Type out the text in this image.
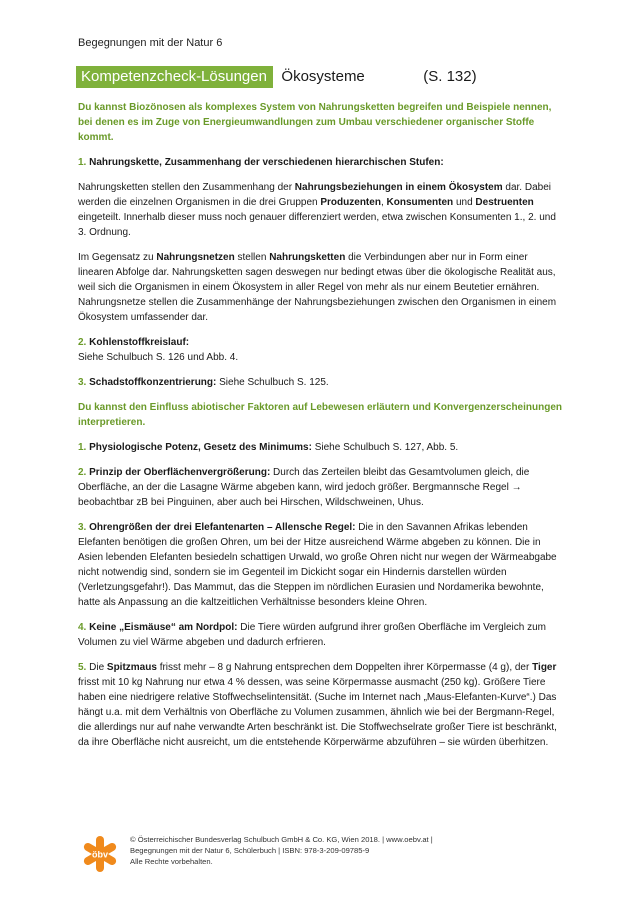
Begegnungen mit der Natur 6
Kompetenzcheck-Lösungen Ökosysteme	(S. 132)

Du kannst Biozönosen als komplexes System von Nahrungsketten begreifen und Beispiele nennen, bei denen es im Zuge von Energieumwandlungen zum Umbau verschiedener organischer Stoffe kommt.

1. Nahrungskette, Zusammenhang der verschiedenen hierarchischen Stufen:

Nahrungsketten stellen den Zusammenhang der Nahrungsbeziehungen in einem Ökosystem dar. Dabei werden die einzelnen Organismen in die drei Gruppen Produzenten, Konsumenten und Destruenten eingeteilt. Innerhalb dieser muss noch genauer differenziert werden, etwa zwischen Konsumenten 1., 2. und 3. Ordnung.

Im Gegensatz zu Nahrungsnetzen stellen Nahrungsketten die Verbindungen aber nur in Form einer linearen Abfolge dar. Nahrungsketten sagen deswegen nur bedingt etwas über die ökologische Realität aus, weil sich die Organismen in einem Ökosystem in aller Regel von mehr als nur einem Beutetier ernähren. Nahrungsnetze stellen die Zusammenhänge der Nahrungsbeziehungen zwischen den Organismen in einem Ökosystem umfassender dar.

2. Kohlenstoffkreislauf:
Siehe Schulbuch S. 126 und Abb. 4.

3. Schadstoffkonzentrierung: Siehe Schulbuch S. 125.

Du kannst den Einfluss abiotischer Faktoren auf Lebewesen erläutern und Konvergenzerscheinungen interpretieren.

1. Physiologische Potenz, Gesetz des Minimums: Siehe Schulbuch S. 127, Abb. 5.

2. Prinzip der Oberflächenvergrößerung: Durch das Zerteilen bleibt das Gesamtvolumen gleich, die Oberfläche, an der die Lasagne Wärme abgeben kann, wird jedoch größer. Bergmannsche Regel → beobachtbar zB bei Pinguinen, aber auch bei Hirschen, Wildschweinen, Uhus.

3. Ohrengrößen der drei Elefantenarten – Allensche Regel: Die in den Savannen Afrikas lebenden Elefanten benötigen die großen Ohren, um bei der Hitze ausreichend Wärme abgeben zu können. Die in Asien lebenden Elefanten besiedeln schattigen Urwald, wo große Ohren nicht nur wegen der Wärmeabgabe nicht notwendig sind, sondern sie im Gegenteil im Dickicht sogar ein Hindernis darstellen würden (Verletzungsgefahr!). Das Mammut, das die Steppen im nördlichen Eurasien und Nordamerika bewohnte, hatte als Anpassung an die kaltzeitlichen Verhältnisse besonders kleine Ohren.

4. Keine „Eismäuse“ am Nordpol: Die Tiere würden aufgrund ihrer großen Oberfläche im Vergleich zum Volumen zu viel Wärme abgeben und dadurch erfrieren.

5. Die Spitzmaus frisst mehr – 8 g Nahrung entsprechen dem Doppelten ihrer Körpermasse (4 g), der Tiger frisst mit 10 kg Nahrung nur etwa 4 % dessen, was seine Körpermasse ausmacht (250 kg). Größere Tiere haben eine niedrigere relative Stoffwechselintensität. (Suche im Internet nach „Maus-Elefanten-Kurve“.) Das hängt u.a. mit dem Verhältnis von Oberfläche zu Volumen zusammen, ähnlich wie bei der Bergmann-Regel, die allerdings nur auf nahe verwandte Arten beschränkt ist. Die Stoffwechselrate großer Tiere ist beschränkt, da ihre Oberfläche nicht ausreicht, um die entstehende Körperwärme abzuführen – sie würden überhitzen.

öbv
© Österreichischer Bundesverlag Schulbuch GmbH & Co. KG, Wien 2018. | www.oebv.at |
Begegnungen mit der Natur 6, Schülerbuch | ISBN: 978-3-209-09785-9
Alle Rechte vorbehalten.
